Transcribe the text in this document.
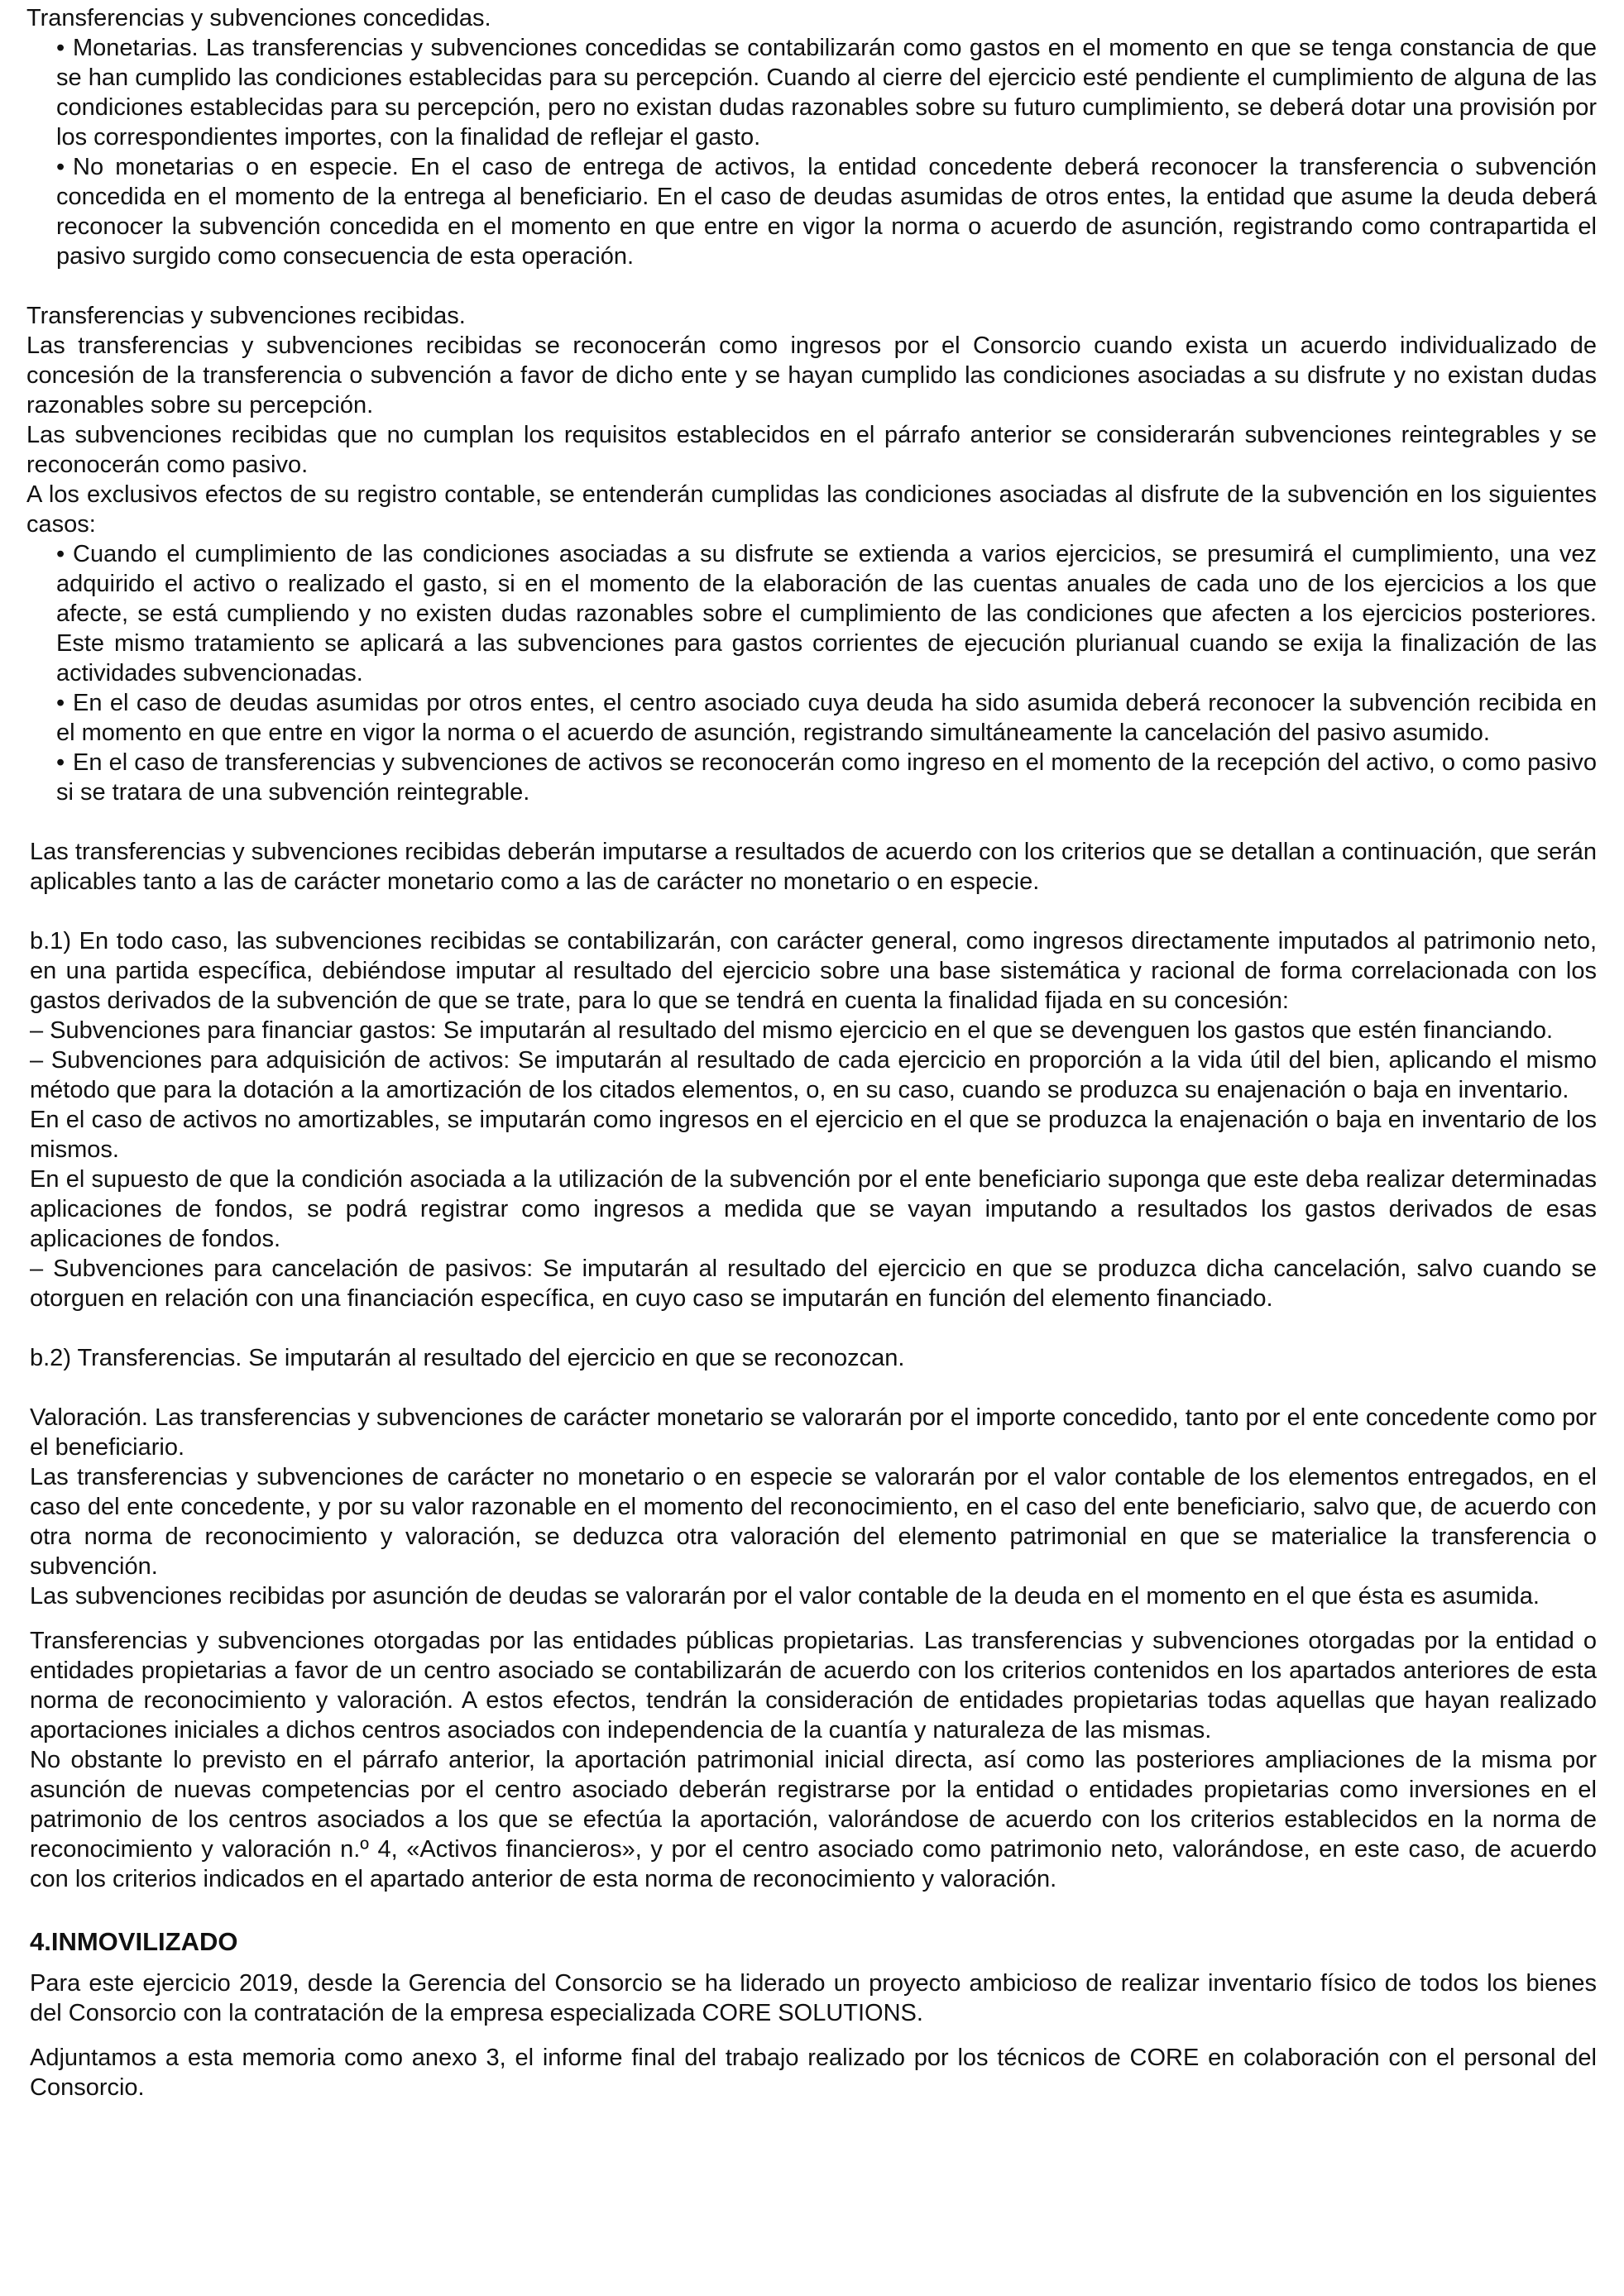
Transferencias y subvenciones concedidas.

• Monetarias. Las transferencias y subvenciones concedidas se contabilizarán como gastos en el momento en que se tenga constancia de que se han cumplido las condiciones establecidas para su percepción. Cuando al cierre del ejercicio esté pendiente el cumplimiento de alguna de las condiciones establecidas para su percepción, pero no existan dudas razonables sobre su futuro cumplimiento, se deberá dotar una provisión por los correspondientes importes, con la finalidad de reflejar el gasto.

• No monetarias o en especie. En el caso de entrega de activos, la entidad concedente deberá reconocer la transferencia o subvención concedida en el momento de la entrega al beneficiario. En el caso de deudas asumidas de otros entes, la entidad que asume la deuda deberá reconocer la subvención concedida en el momento en que entre en vigor la norma o acuerdo de asunción, registrando como contrapartida el pasivo surgido como consecuencia de esta operación.

Transferencias y subvenciones recibidas.

Las transferencias y subvenciones recibidas se reconocerán como ingresos por el Consorcio cuando exista un acuerdo individualizado de concesión de la transferencia o subvención a favor de dicho ente y se hayan cumplido las condiciones asociadas a su disfrute y no existan dudas razonables sobre su percepción.

Las subvenciones recibidas que no cumplan los requisitos establecidos en el párrafo anterior se considerarán subvenciones reintegrables y se reconocerán como pasivo.

A los exclusivos efectos de su registro contable, se entenderán cumplidas las condiciones asociadas al disfrute de la subvención en los siguientes casos:

• Cuando el cumplimiento de las condiciones asociadas a su disfrute se extienda a varios ejercicios, se presumirá el cumplimiento, una vez adquirido el activo o realizado el gasto, si en el momento de la elaboración de las cuentas anuales de cada uno de los ejercicios a los que afecte, se está cumpliendo y no existen dudas razonables sobre el cumplimiento de las condiciones que afecten a los ejercicios posteriores. Este mismo tratamiento se aplicará a las subvenciones para gastos corrientes de ejecución plurianual cuando se exija la finalización de las actividades subvencionadas.

• En el caso de deudas asumidas por otros entes, el centro asociado cuya deuda ha sido asumida deberá reconocer la subvención recibida en el momento en que entre en vigor la norma o el acuerdo de asunción, registrando simultáneamente la cancelación del pasivo asumido.

• En el caso de transferencias y subvenciones de activos se reconocerán como ingreso en el momento de la recepción del activo, o como pasivo si se tratara de una subvención reintegrable.

Las transferencias y subvenciones recibidas deberán imputarse a resultados de acuerdo con los criterios que se detallan a continuación, que serán aplicables tanto a las de carácter monetario como a las de carácter no monetario o en especie.

b.1) En todo caso, las subvenciones recibidas se contabilizarán, con carácter general, como ingresos directamente imputados al patrimonio neto, en una partida específica, debiéndose imputar al resultado del ejercicio sobre una base sistemática y racional de forma correlacionada con los gastos derivados de la subvención de que se trate, para lo que se tendrá en cuenta la finalidad fijada en su concesión:

– Subvenciones para financiar gastos: Se imputarán al resultado del mismo ejercicio en el que se devenguen los gastos que estén financiando.

– Subvenciones para adquisición de activos: Se imputarán al resultado de cada ejercicio en proporción a la vida útil del bien, aplicando el mismo método que para la dotación a la amortización de los citados elementos, o, en su caso, cuando se produzca su enajenación o baja en inventario.

En el caso de activos no amortizables, se imputarán como ingresos en el ejercicio en el que se produzca la enajenación o baja en inventario de los mismos.

En el supuesto de que la condición asociada a la utilización de la subvención por el ente beneficiario suponga que este deba realizar determinadas aplicaciones de fondos, se podrá registrar como ingresos a medida que se vayan imputando a resultados los gastos derivados de esas aplicaciones de fondos.

– Subvenciones para cancelación de pasivos: Se imputarán al resultado del ejercicio en que se produzca dicha cancelación, salvo cuando se otorguen en relación con una financiación específica, en cuyo caso se imputarán en función del elemento financiado.

b.2) Transferencias. Se imputarán al resultado del ejercicio en que se reconozcan.

Valoración. Las transferencias y subvenciones de carácter monetario se valorarán por el importe concedido, tanto por el ente concedente como por el beneficiario.

Las transferencias y subvenciones de carácter no monetario o en especie se valorarán por el valor contable de los elementos entregados, en el caso del ente concedente, y por su valor razonable en el momento del reconocimiento, en el caso del ente beneficiario, salvo que, de acuerdo con otra norma de reconocimiento y valoración, se deduzca otra valoración del elemento patrimonial en que se materialice la transferencia o subvención.

Las subvenciones recibidas por asunción de deudas se valorarán por el valor contable de la deuda en el momento en el que ésta es asumida.

Transferencias y subvenciones otorgadas por las entidades públicas propietarias. Las transferencias y subvenciones otorgadas por la entidad o entidades propietarias a favor de un centro asociado se contabilizarán de acuerdo con los criterios contenidos en los apartados anteriores de esta norma de reconocimiento y valoración. A estos efectos, tendrán la consideración de entidades propietarias todas aquellas que hayan realizado aportaciones iniciales a dichos centros asociados con independencia de la cuantía y naturaleza de las mismas.

No obstante lo previsto en el párrafo anterior, la aportación patrimonial inicial directa, así como las posteriores ampliaciones de la misma por asunción de nuevas competencias por el centro asociado deberán registrarse por la entidad o entidades propietarias como inversiones en el patrimonio de los centros asociados a los que se efectúa la aportación, valorándose de acuerdo con los criterios establecidos en la norma de reconocimiento y valoración n.º 4, «Activos financieros», y por el centro asociado como patrimonio neto, valorándose, en este caso, de acuerdo con los criterios indicados en el apartado anterior de esta norma de reconocimiento y valoración.

4.INMOVILIZADO

Para este ejercicio 2019, desde la Gerencia del Consorcio se ha liderado un proyecto ambicioso de realizar inventario físico de todos los bienes del Consorcio con la contratación de la empresa especializada CORE SOLUTIONS.

Adjuntamos a esta memoria como anexo 3, el informe final del trabajo realizado por los técnicos de CORE en colaboración con el personal del Consorcio.
